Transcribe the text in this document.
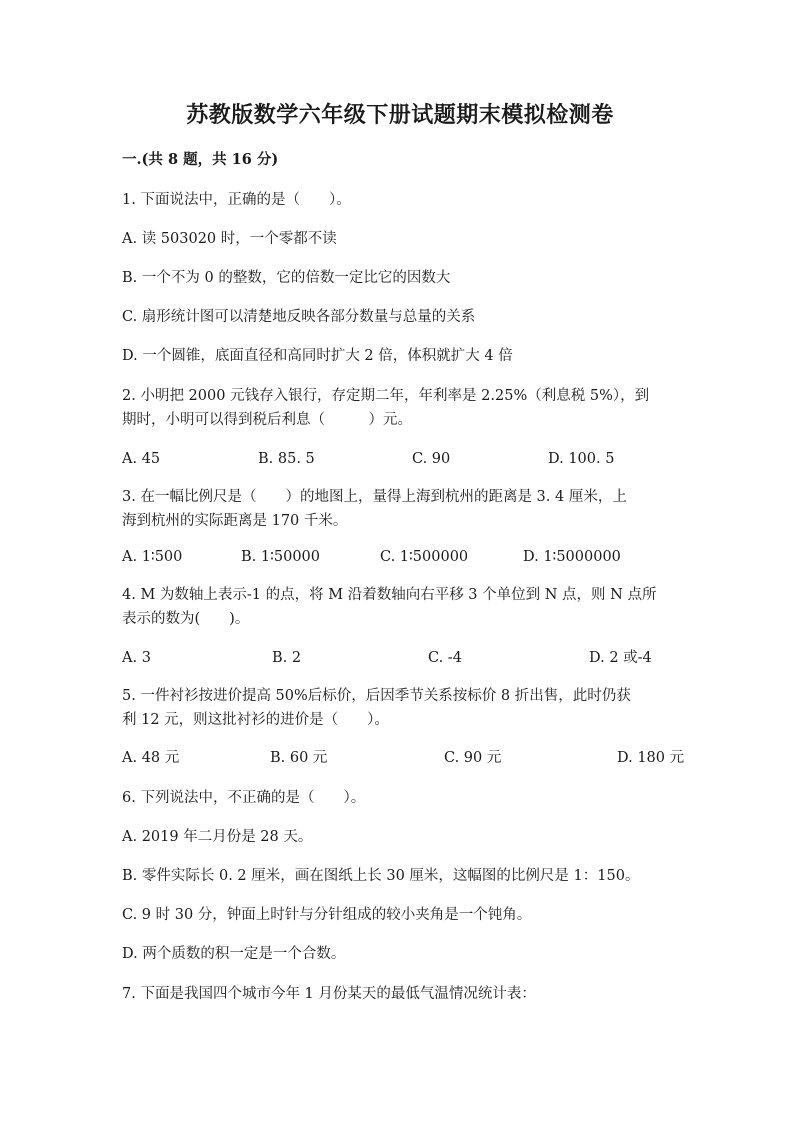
苏教版数学六年级下册试题期末模拟检测卷
一.(共 8 题，共 16 分)
1. 下面说法中，正确的是（　　）。
A. 读 503020 时，一个零都不读
B. 一个不为 0 的整数，它的倍数一定比它的因数大
C. 扇形统计图可以清楚地反映各部分数量与总量的关系
D. 一个圆锥，底面直径和高同时扩大 2 倍，体积就扩大 4 倍
2. 小明把 2000 元钱存入银行，存定期二年，年利率是 2.25%（利息税 5%），到
期时，小明可以得到税后利息（　　　）元。
A. 45	B. 85. 5	C. 90	D. 100. 5
3. 在一幅比例尺是（　　）的地图上，量得上海到杭州的距离是 3. 4 厘米，上
海到杭州的实际距离是 170 千米。
A. 1∶500	B. 1∶50000	C. 1∶500000	D. 1∶5000000
4. M 为数轴上表示-1 的点，将 M 沿着数轴向右平移 3 个单位到 N 点，则 N 点所
表示的数为(　　)。
A. 3	B. 2	C. -4	D. 2 或-4
5. 一件衬衫按进价提高 50%后标价，后因季节关系按标价 8 折出售，此时仍获
利 12 元，则这批衬衫的进价是（　　）。
A. 48 元	B. 60 元	C. 90 元	D. 180 元
6. 下列说法中，不正确的是（　　）。
A. 2019 年二月份是 28 天。
B. 零件实际长 0. 2 厘米，画在图纸上长 30 厘米，这幅图的比例尺是 1：150。
C. 9 时 30 分，钟面上时针与分针组成的较小夹角是一个钝角。
D. 两个质数的积一定是一个合数。
7. 下面是我国四个城市今年 1 月份某天的最低气温情况统计表：
